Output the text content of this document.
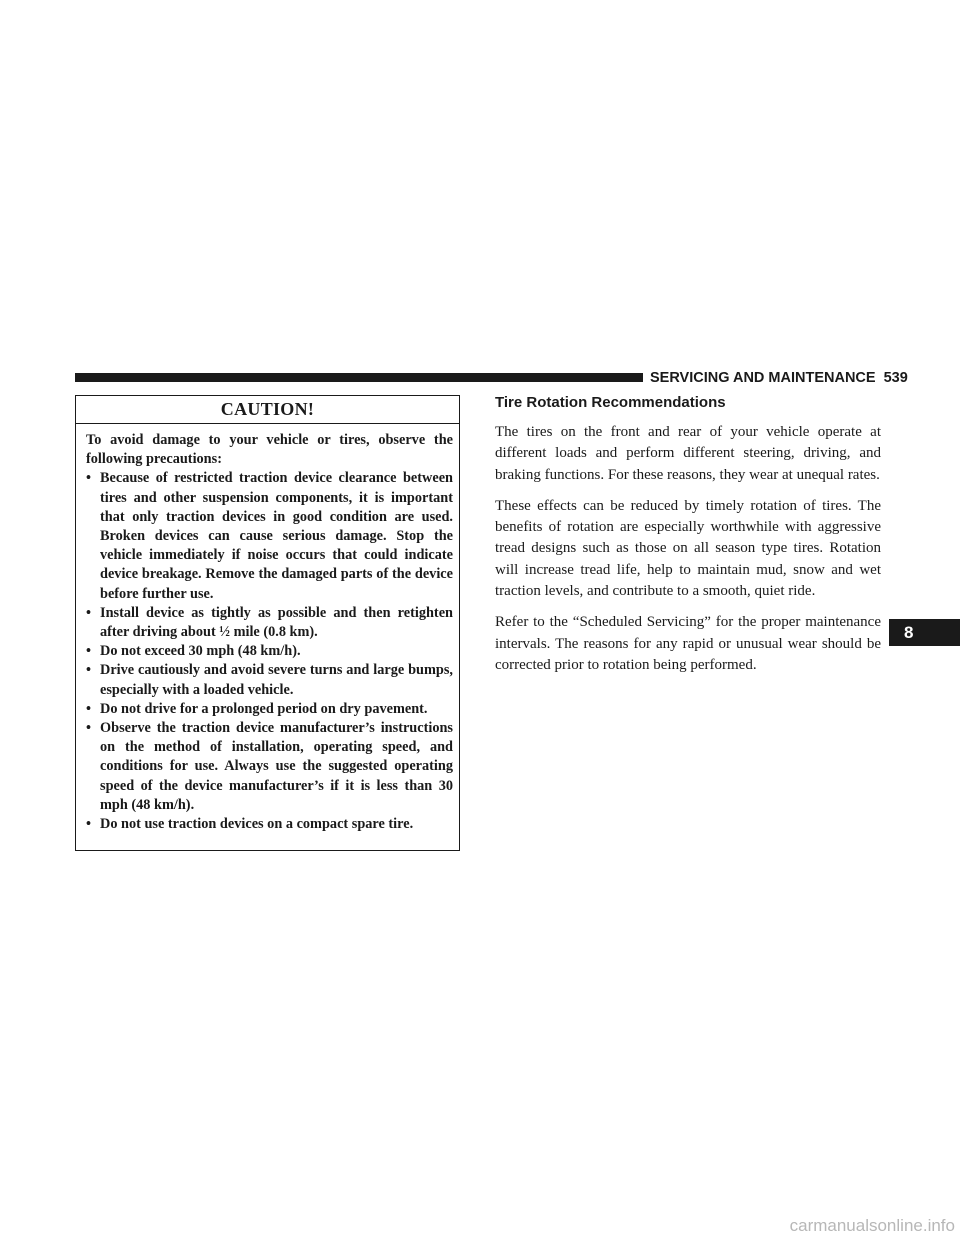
SERVICING AND MAINTENANCE 539
CAUTION!

To avoid damage to your vehicle or tires, observe the following precautions:

• Because of restricted traction device clearance between tires and other suspension components, it is important that only traction devices in good condition are used. Broken devices can cause serious damage. Stop the vehicle immediately if noise occurs that could indicate device breakage. Remove the damaged parts of the device before further use.
• Install device as tightly as possible and then retighten after driving about ½ mile (0.8 km).
• Do not exceed 30 mph (48 km/h).
• Drive cautiously and avoid severe turns and large bumps, especially with a loaded vehicle.
• Do not drive for a prolonged period on dry pavement.
• Observe the traction device manufacturer’s instructions on the method of installation, operating speed, and conditions for use. Always use the suggested operating speed of the device manufacturer’s if it is less than 30 mph (48 km/h).
• Do not use traction devices on a compact spare tire.
Tire Rotation Recommendations

The tires on the front and rear of your vehicle operate at different loads and perform different steering, driving, and braking functions. For these reasons, they wear at unequal rates.

These effects can be reduced by timely rotation of tires. The benefits of rotation are especially worthwhile with aggressive tread designs such as those on all season type tires. Rotation will increase tread life, help to maintain mud, snow and wet traction levels, and contribute to a smooth, quiet ride.

Refer to the “Scheduled Servicing” for the proper maintenance intervals. The reasons for any rapid or unusual wear should be corrected prior to rotation being performed.

8
carmanualsonline.info
